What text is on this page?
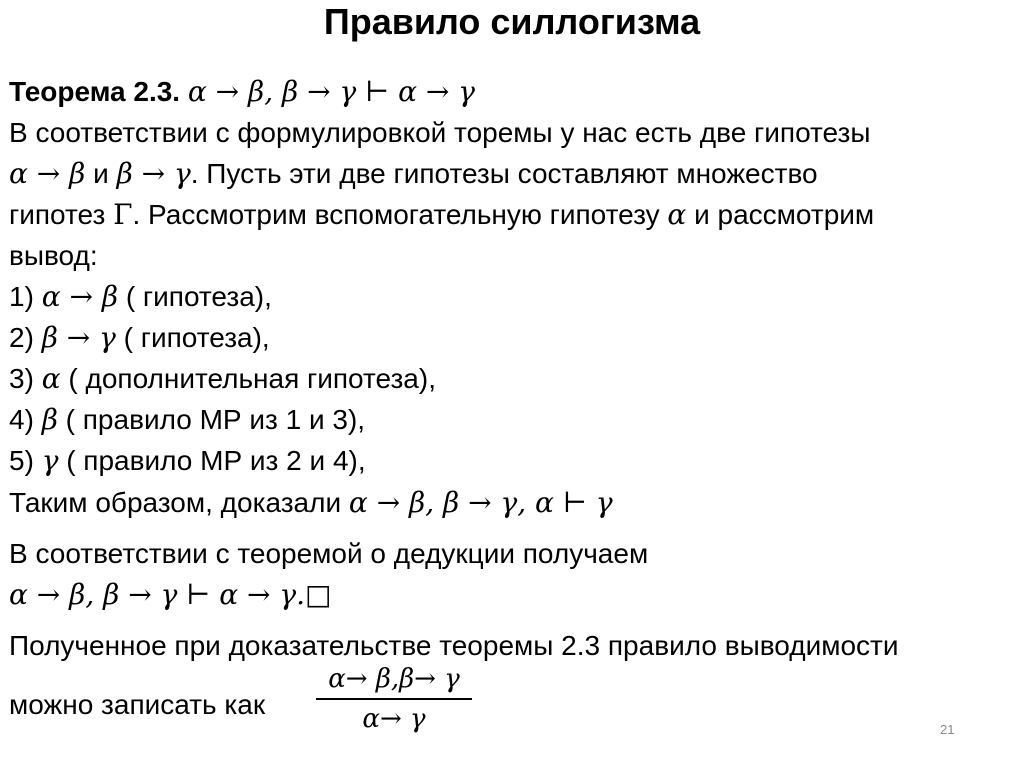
Правило силлогизма
Теорема 2.3. α → β, β → γ ⊢ α → γ
В соответствии с формулировкой торемы у нас есть две гипотезы
α → β и β → γ. Пусть эти две гипотезы составляют множество
гипотез Γ. Рассмотрим вспомогательную гипотезу α и рассмотрим
вывод:
1) α → β ( гипотеза),
2) β → γ ( гипотеза),
3) α ( дополнительная гипотеза),
4) β ( правило МР из 1 и 3),
5) γ ( правило МР из 2 и 4),
Таким образом, доказали α → β, β → γ, α ⊢ γ
В соответствии с теоремой о дедукции получаем
α → β, β → γ ⊢ α → γ.□
Полученное при доказательстве теоремы 2.3 правило выводимости
можно записать как
α→ β,β→ γ
α→ γ	21
